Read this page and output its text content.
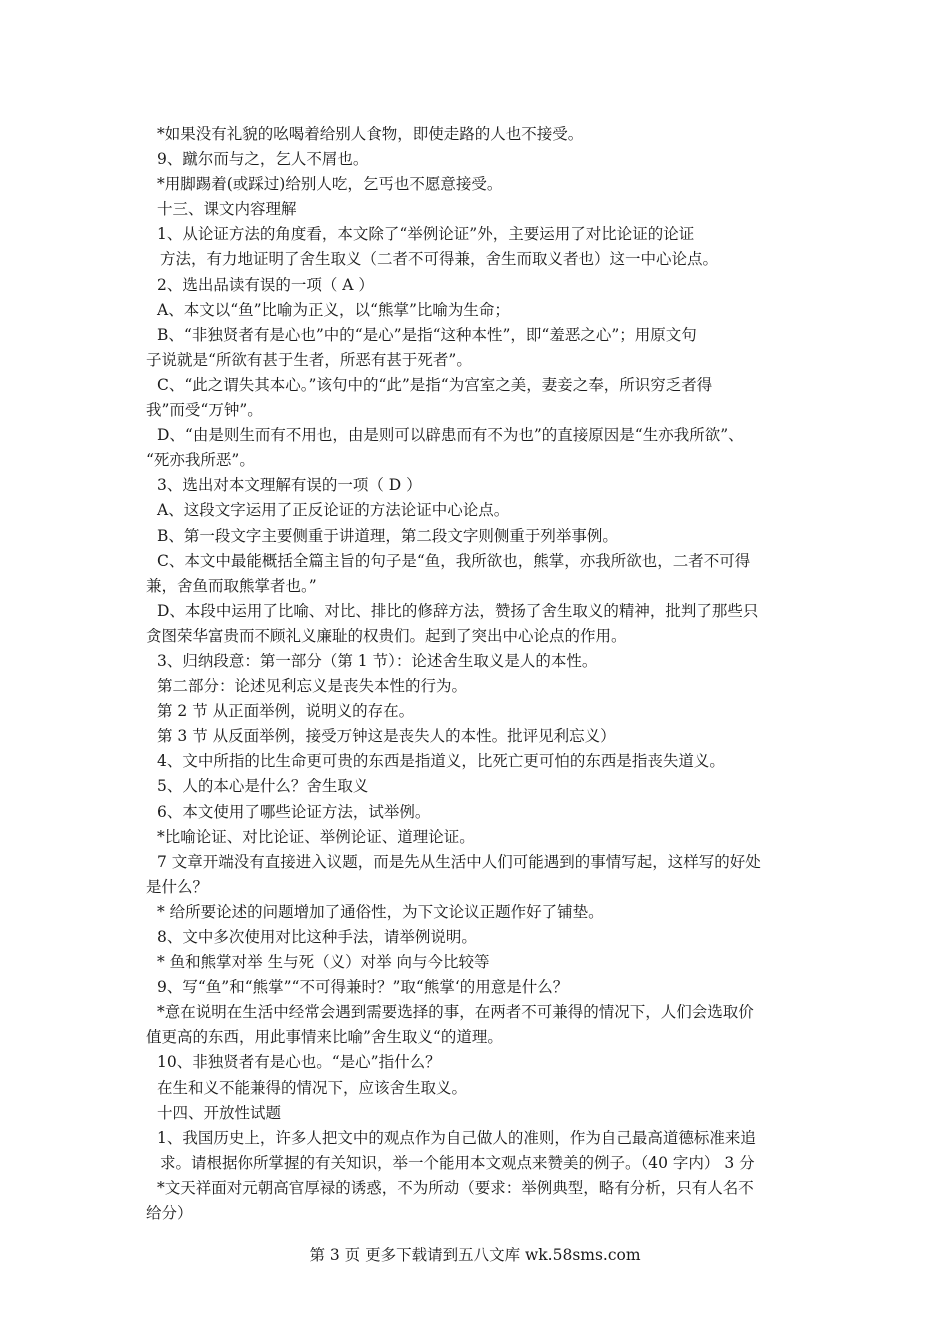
*如果没有礼貌的吆喝着给别人食物，即使走路的人也不接受。
9、蹴尔而与之，乞人不屑也。
*用脚踢着(或踩过)给别人吃，乞丐也不愿意接受。
十三、课文内容理解
1、从论证方法的角度看，本文除了“举例论证”外，主要运用了对比论证的论证
方法，有力地证明了舍生取义（二者不可得兼，舍生而取义者也）这一中心论点。
2、选出品读有误的一项（ A ）
A、本文以“鱼”比喻为正义，以“熊掌”比喻为生命；
B、“非独贤者有是心也”中的“是心”是指“这种本性”，即“羞恶之心”；用原文句
子说就是“所欲有甚于生者，所恶有甚于死者”。
C、“此之谓失其本心。”该句中的“此”是指“为宫室之美，妻妾之奉，所识穷乏者得
我”而受“万钟”。
D、“由是则生而有不用也，由是则可以辟患而有不为也”的直接原因是“生亦我所欲”、
“死亦我所恶”。
3、选出对本文理解有误的一项（ D ）
A、这段文字运用了正反论证的方法论证中心论点。
B、第一段文字主要侧重于讲道理，第二段文字则侧重于列举事例。
C、本文中最能概括全篇主旨的句子是“鱼，我所欲也，熊掌，亦我所欲也，二者不可得
兼，舍鱼而取熊掌者也。”
D、本段中运用了比喻、对比、排比的修辞方法，赞扬了舍生取义的精神，批判了那些只
贪图荣华富贵而不顾礼义廉耻的权贵们。起到了突出中心论点的作用。
3、归纳段意：第一部分（第 1 节）：论述舍生取义是人的本性。
第二部分：论述见利忘义是丧失本性的行为。
第 2 节 从正面举例，说明义的存在。
第 3 节 从反面举例，接受万钟这是丧失人的本性。批评见利忘义）
4、文中所指的比生命更可贵的东西是指道义，比死亡更可怕的东西是指丧失道义。
5、人的本心是什么？舍生取义
6、本文使用了哪些论证方法，试举例。
*比喻论证、对比论证、举例论证、道理论证。
7 文章开端没有直接进入议题，而是先从生活中人们可能遇到的事情写起，这样写的好处
是什么？
* 给所要论述的问题增加了通俗性，为下文论议正题作好了铺垫。
8、文中多次使用对比这种手法，请举例说明。
* 鱼和熊掌对举 生与死（义）对举 向与今比较等
9、写“鱼”和“熊掌”“不可得兼时？”取“熊掌‘的用意是什么？
*意在说明在生活中经常会遇到需要选择的事，在两者不可兼得的情况下，人们会选取价
值更高的东西，用此事情来比喻”舍生取义“的道理。
10、非独贤者有是心也。“是心”指什么？
在生和义不能兼得的情况下，应该舍生取义。
十四、开放性试题
1、我国历史上，许多人把文中的观点作为自己做人的准则，作为自己最高道德标准来追
求。请根据你所掌握的有关知识，举一个能用本文观点来赞美的例子。（40 字内） 3 分
*文天祥面对元朝高官厚禄的诱惑，不为所动（要求：举例典型，略有分析，只有人名不
给分）
第 3 页 更多下载请到五八文库 wk.58sms.com
